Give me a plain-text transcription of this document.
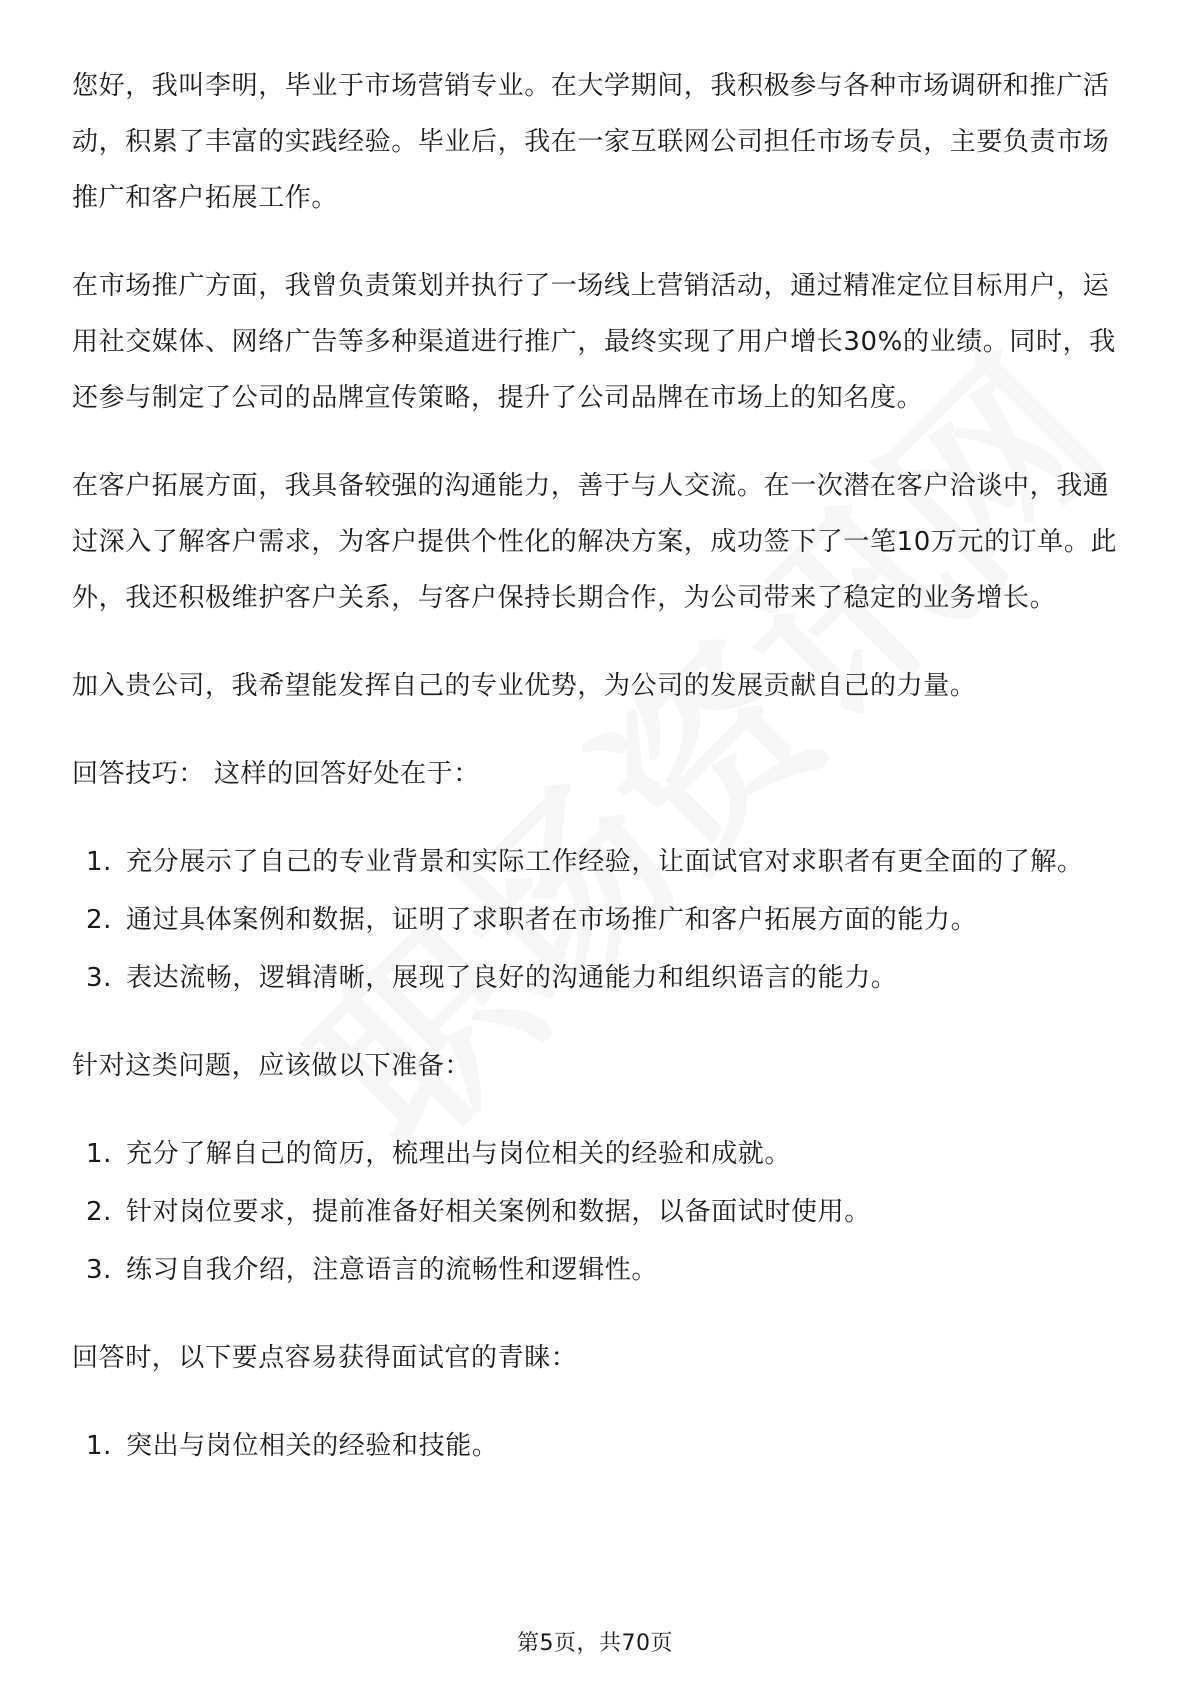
您好，我叫李明，毕业于市场营销专业。在大学期间，我积极参与各种市场调研和推广活动，积累了丰富的实践经验。毕业后，我在一家互联网公司担任市场专员，主要负责市场推广和客户拓展工作。

在市场推广方面，我曾负责策划并执行了一场线上营销活动，通过精准定位目标用户，运用社交媒体、网络广告等多种渠道进行推广，最终实现了用户增长30%的业绩。同时，我还参与制定了公司的品牌宣传策略，提升了公司品牌在市场上的知名度。

在客户拓展方面，我具备较强的沟通能力，善于与人交流。在一次潜在客户洽谈中，我通过深入了解客户需求，为客户提供个性化的解决方案，成功签下了一笔10万元的订单。此外，我还积极维护客户关系，与客户保持长期合作，为公司带来了稳定的业务增长。

加入贵公司，我希望能发挥自己的专业优势，为公司的发展贡献自己的力量。

回答技巧： 这样的回答好处在于：

1. 充分展示了自己的专业背景和实际工作经验，让面试官对求职者有更全面的了解。
2. 通过具体案例和数据，证明了求职者在市场推广和客户拓展方面的能力。
3. 表达流畅，逻辑清晰，展现了良好的沟通能力和组织语言的能力。

针对这类问题，应该做以下准备：

1. 充分了解自己的简历，梳理出与岗位相关的经验和成就。
2. 针对岗位要求，提前准备好相关案例和数据，以备面试时使用。
3. 练习自我介绍，注意语言的流畅性和逻辑性。

回答时，以下要点容易获得面试官的青睐：

1. 突出与岗位相关的经验和技能。
第5页，共70页
